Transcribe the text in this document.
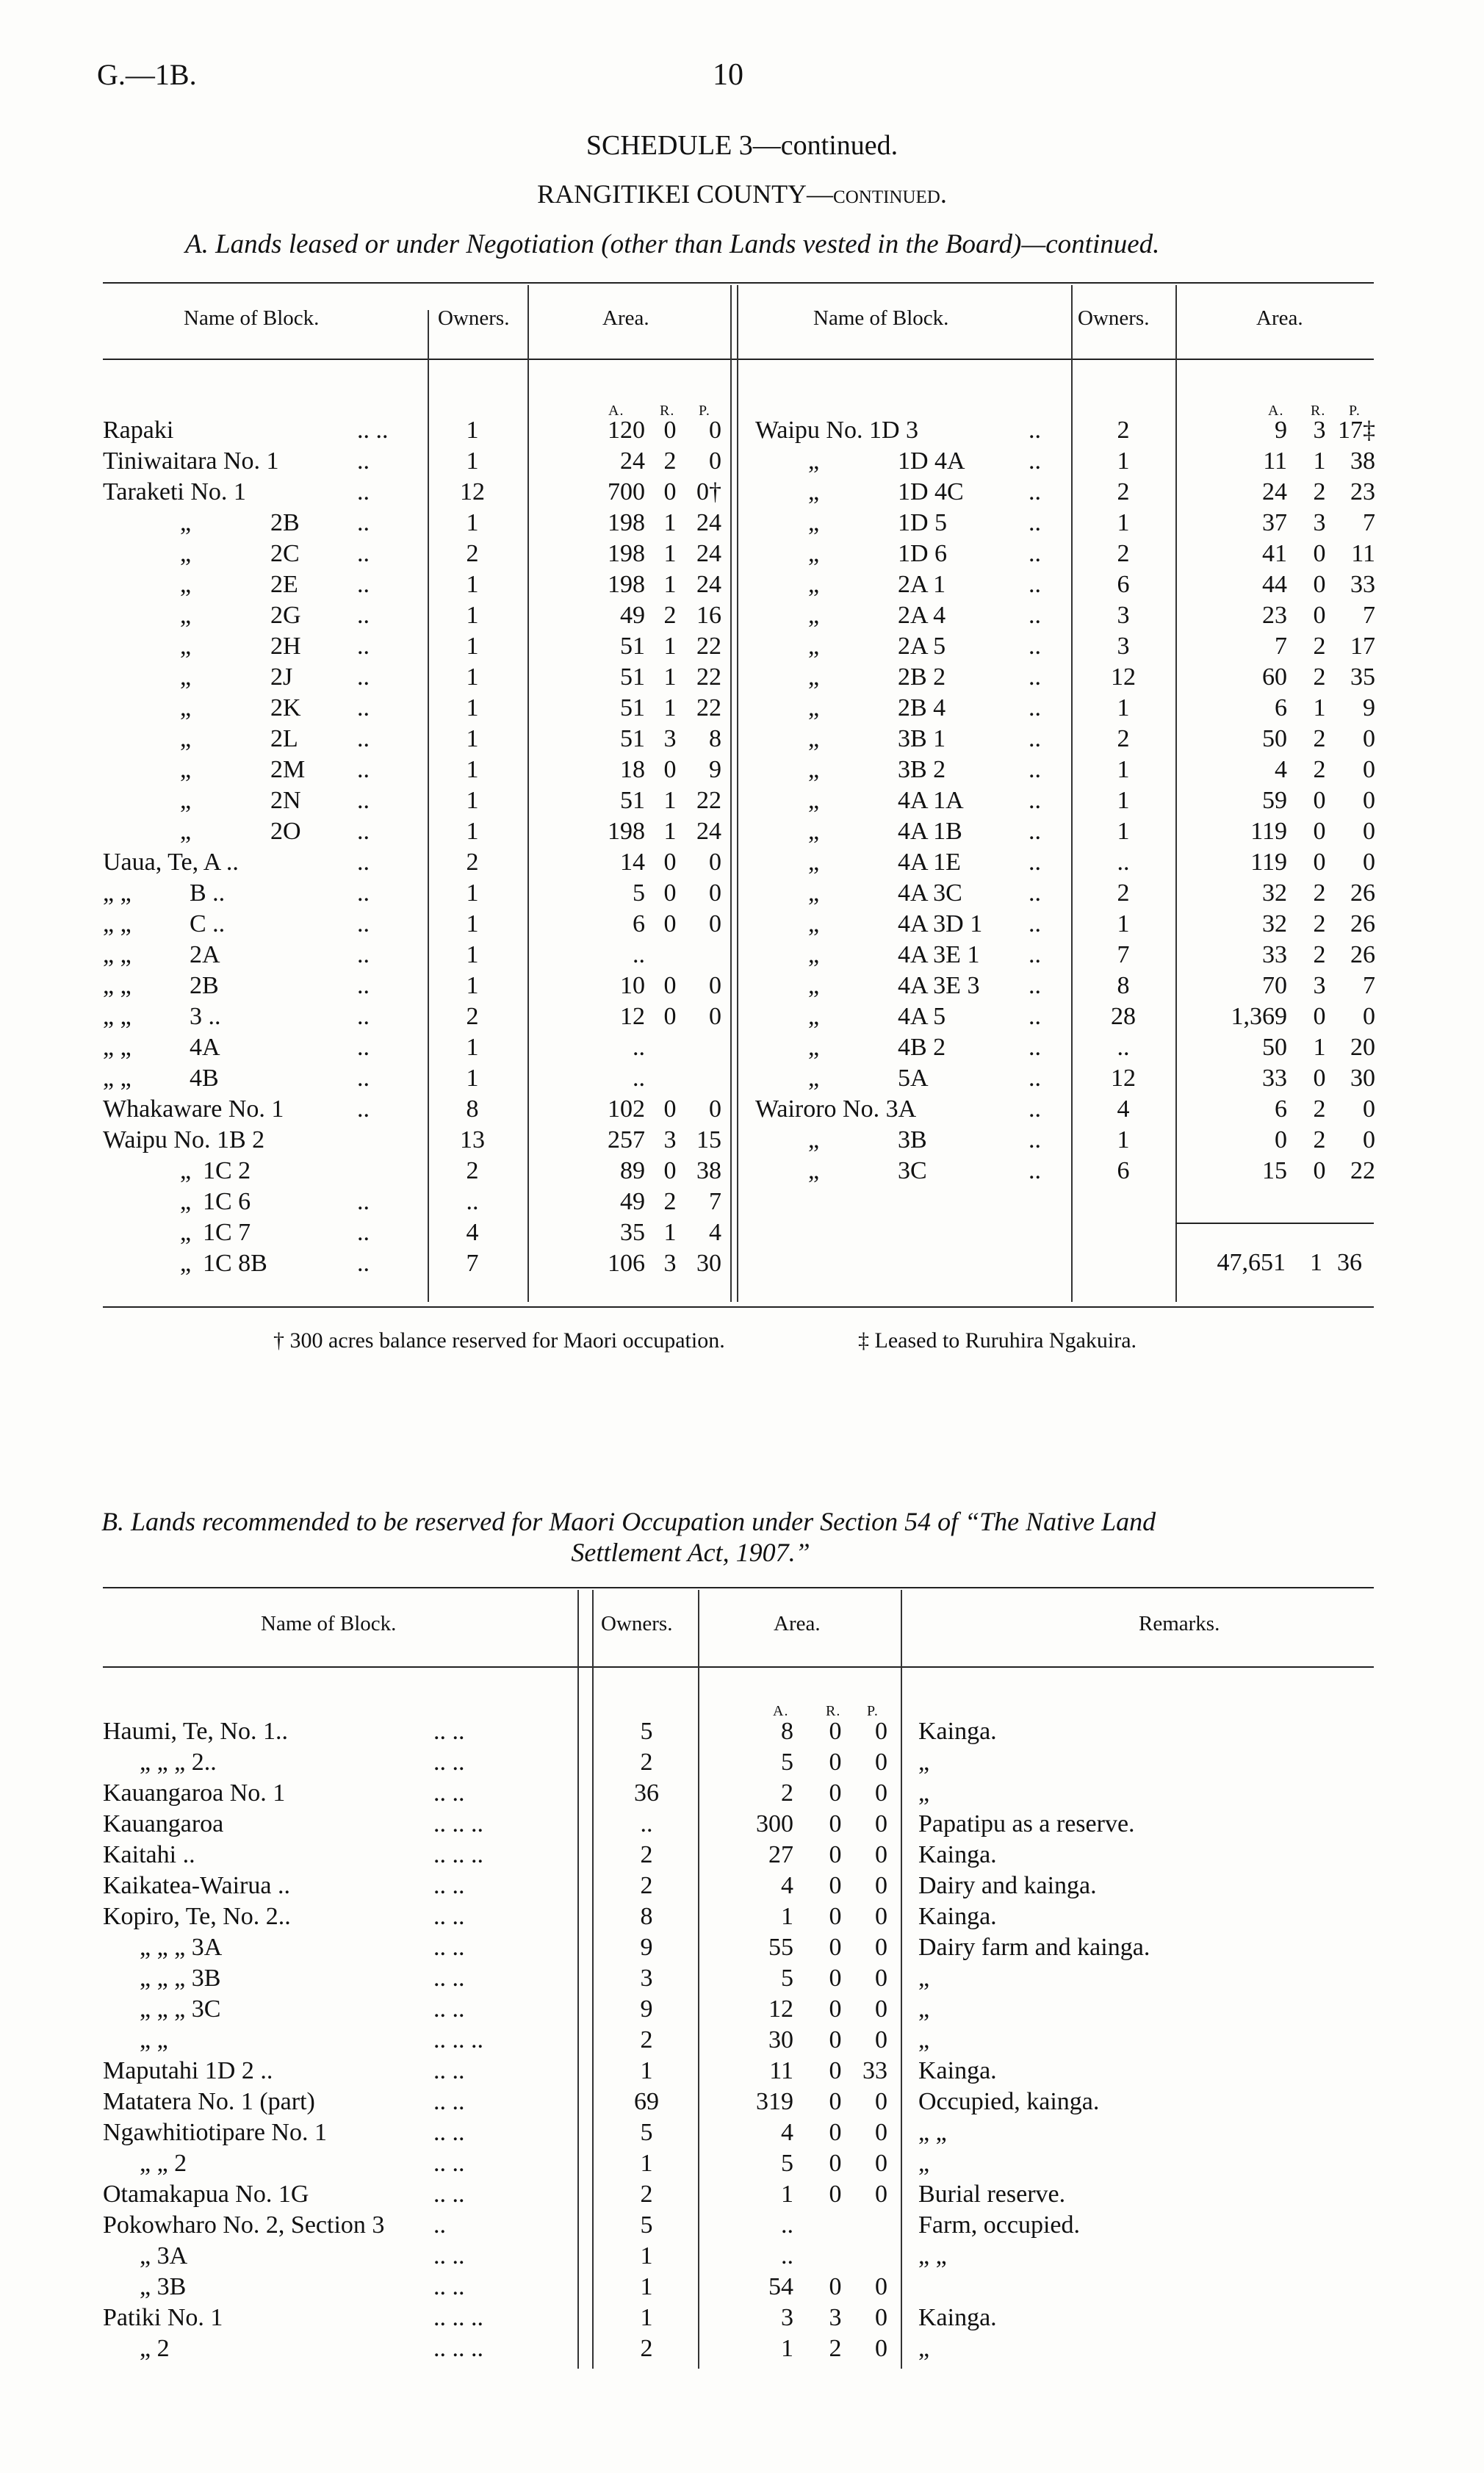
G.—1B.	10
SCHEDULE 3—continued.
RANGITIKEI COUNTY—continued.
A. Lands leased or under Negotiation (other than Lands vested in the Board)—continued.
Name of Block.	Owners.	Area.	Name of Block.	Owners.	Area.
A. R. P.	A. R. P.
Rapaki	.. ..	1	120 0	0
Tiniwaitara No. 1	..	1	24 2	0
Taraketi No. 1	..	12	700 0 0†
„	2B ..	1	198 1 24
„	2C ..	2	198 1 24
„	2E ..	1	198 1 24
„	2G ..	1	49 2 16
„	2H ..	1	51 1 22
„	2J	..	1	51 1 22
„	2K ..	1	51 1 22
„	2L ..	1	51 3	8
„	2M ..	1	18 0	9
„	2N ..	1	51 1 22
„	2O ..	1	198 1 24
Uaua, Te, A ..	..	2	14 0	0
„ „ B ..	..	1	5 0	0
„ „ C ..	..	1	6 0	0
„ „ 2A	..	1	..
„ „ 2B	..	1	10 0	0
„ „ 3 ..	..	2	12 0	0
„ „ 4A	..	1	..
„ „ 4B	..	1	..
Whakaware No. 1	..	8	102 0	0
Waipu No. 1B 2	13	257 3 15
„ 1C 2	2	89 0 38
„ 1C 6	..	..	49 2	7
„ 1C 7	..	4	35 1	4
„ 1C 8B	..	7	106 3 30
Waipu No. 1D 3	..	2	9 3 17‡
„	1D 4A	..	1	11 1 38
„	1D 4C	..	2	24 2 23
„	1D 5	..	1	37 3	7
„	1D 6	..	2	41 0	11
„	2A 1	..	6	44 0 33
„	2A 4	..	3	23 0	7
„	2A 5	..	3	7 2 17
„	2B 2	..	12	60 2 35
„	2B 4	..	1	6 1	9
„	3B 1	..	2	50 2	0
„	3B 2	..	1	4 2	0
„	4A 1A	..	1	59 0	0
„	4A 1B	..	1	119 0	0
„	4A 1E	..	..	119 0	0
„	4A 3C	..	2	32 2 26
„	4A 3D 1 ..	1	32 2 26
„	4A 3E 1 ..	7	33 2 26
„	4A 3E 3 ..	8	70 3	7
„	4A 5	..	28	1,369 0	0
„	4B 2	..	..	50 1 20
„	5A	..	12	33 0 30
Wairoro No. 3A	..	4	6 2	0
„	3B	..	1	0 2	0
„	3C	..	6	15 0 22
47,651 1 36
† 300 acres balance reserved for Maori occupation.	‡ Leased to Ruruhira Ngakuira.
B. Lands recommended to be reserved for Maori Occupation under Section 54 of “The Native Land
Settlement Act, 1907.”
Name of Block.	Owners.	Area.	Remarks.
A.	R. P.
Haumi, Te, No. 1..	.. ..	5	8 0	0 Kainga.
„ „ „ 2..	.. ..	2	5 0	0 „
Kauangaroa No. 1	.. ..	36	2 0	0 „
Kauangaroa	.. .. ..	..	300 0	0 Papatipu as a reserve.
Kaitahi ..	.. .. ..	2	27 0	0 Kainga.
Kaikatea-Wairua ..	.. ..	2	4 0	0 Dairy and kainga.
Kopiro, Te, No. 2..	.. ..	8	1 0	0 Kainga.
„ „ „ 3A	.. ..	9	55 0	0 Dairy farm and kainga.
„ „ „ 3B	.. ..	3	5 0	0 „
„ „ „ 3C	.. ..	9	12 0	0 „
„ „	.. .. ..	2	30 0	0 „
Maputahi 1D 2 ..	.. ..	1	11 0 33 Kainga.
Matatera No. 1 (part)	.. ..	69	319 0	0 Occupied, kainga.
Ngawhitiotipare No. 1	.. ..	5	4 0	0 „ „
„ „ 2	.. ..	1	5 0	0 „
Otamakapua No. 1G	.. ..	2	1 0	0 Burial reserve.
Pokowharo No. 2, Section 3 ..	5	..	Farm, occupied.
„ 3A	.. ..	1	..	„ „
„ 3B	.. ..	1	54 0	0
Patiki No. 1	.. .. ..	1	3 3	0 Kainga.
„ 2	.. .. ..	2	1 2	0 „
